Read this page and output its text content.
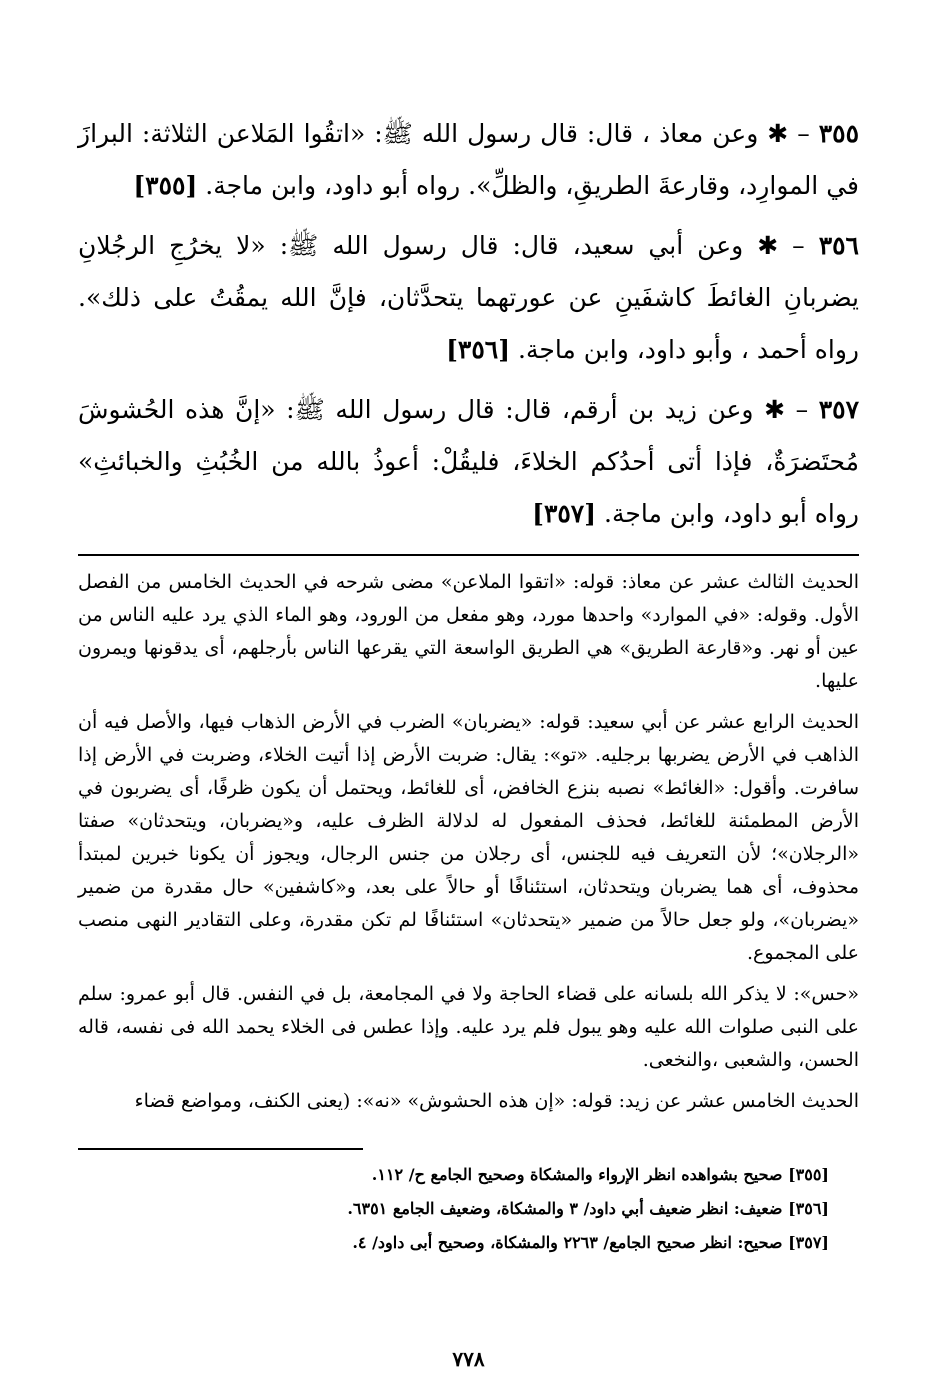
٣٥٥ – ✱ وعن معاذ ، قال: قال رسول الله ﷺ: «اتقُوا المَلاعن الثلاثة: البرازَ في الموارِد، وقارعةَ الطريقِ، والظلِّ». رواه أبو داود، وابن ماجة. [٣٥٥]

٣٥٦ – ✱ وعن أبي سعيد، قال: قال رسول الله ﷺ: «لا يخرُجِ الرجُلانِ يضربانِ الغائطَ كاشفَينِ عن عورتهما يتحدَّثان، فإنَّ الله يمقُتُ على ذلك». رواه أحمد ، وأبو داود، وابن ماجة. [٣٥٦]

٣٥٧ – ✱ وعن زيد بن أرقم، قال: قال رسول الله ﷺ: «إنَّ هذه الحُشوشَ مُحتَضرَةٌ، فإذا أتى أحدُكم الخلاءَ، فليقُلْ: أعوذُ بالله من الخُبُثِ والخبائثِ» رواه أبو داود، وابن ماجة. [٣٥٧]

الحديث الثالث عشر عن معاذ: قوله: «اتقوا الملاعن» مضى شرحه في الحديث الخامس من الفصل الأول. وقوله: «في الموارد» واحدها مورد، وهو مفعل من الورود، وهو الماء الذي يرد عليه الناس من عين أو نهر. و«قارعة الطريق» هي الطريق الواسعة التي يقرعها الناس بأرجلهم، أى يدقونها ويمرون عليها.

الحديث الرابع عشر عن أبي سعيد: قوله: «يضربان» الضرب في الأرض الذهاب فيها، والأصل فيه أن الذاهب في الأرض يضربها برجليه. «تو»: يقال: ضربت الأرض إذا أتيت الخلاء، وضربت في الأرض إذا سافرت. وأقول: «الغائط» نصبه بنزع الخافض، أى للغائط، ويحتمل أن يكون ظرفًا، أى يضربون في الأرض المطمئنة للغائط، فحذف المفعول له لدلالة الظرف عليه، و«يضربان، ويتحدثان» صفتا «الرجلان»؛ لأن التعريف فيه للجنس، أى رجلان من جنس الرجال، ويجوز أن يكونا خبرين لمبتدأ محذوف، أى هما يضربان ويتحدثان، استئنافًا أو حالاً على بعد، و«كاشفين» حال مقدرة من ضمير «يضربان»، ولو جعل حالاً من ضمير «يتحدثان» استئنافًا لم تكن مقدرة، وعلى التقادير النهى منصب على المجموع.

«حس»: لا يذكر الله بلسانه على قضاء الحاجة ولا في المجامعة، بل في النفس. قال أبو عمرو: سلم على النبى صلوات الله عليه وهو يبول فلم يرد عليه. وإذا عطس فى الخلاء يحمد الله فى نفسه، قاله الحسن، والشعبى ،والنخعى.

الحديث الخامس عشر عن زيد: قوله: «إن هذه الحشوش» «نه»: (يعنى الكنف، ومواضع قضاء

[٣٥٥] صحيح بشواهده انظر الإرواء والمشكاة وصحيح الجامع ح/ ١١٢.

[٣٥٦] ضعيف: انظر ضعيف أبي داود/ ٣ والمشكاة، وضعيف الجامع ٦٣٥١.

[٣٥٧] صحيح: انظر صحيح الجامع/ ٢٢٦٣ والمشكاة، وصحيح أبى داود/ ٤.

٧٧٨
